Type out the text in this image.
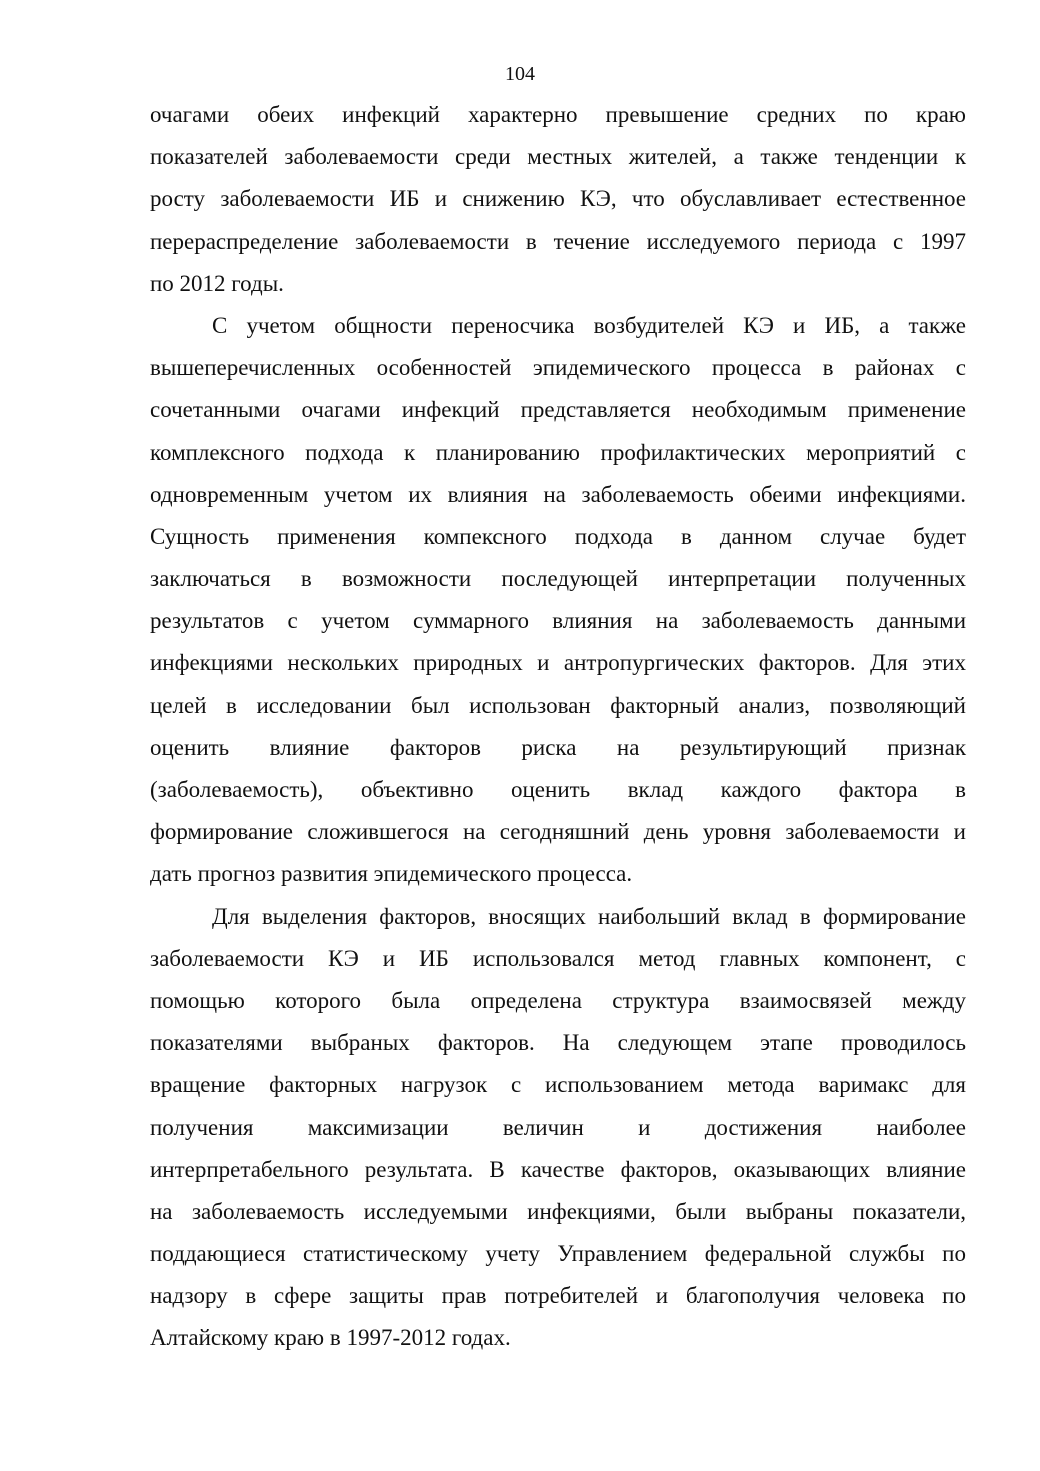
104
очагами обеих инфекций характерно превышение средних по краю
показателей заболеваемости среди местных жителей, а также тенденции к
росту заболеваемости ИБ и снижению КЭ, что обуславливает естественное
перераспределение заболеваемости в течение исследуемого периода с 1997
по 2012 годы.
С учетом общности переносчика возбудителей КЭ и ИБ, а также
вышеперечисленных особенностей эпидемического процесса в районах с
сочетанными очагами инфекций представляется необходимым применение
комплексного подхода к планированию профилактических мероприятий с
одновременным учетом их влияния на заболеваемость обеими инфекциями.
Сущность применения компексного подхода в данном случае будет
заключаться в возможности последующей интерпретации полученных
результатов с учетом суммарного влияния на заболеваемость данными
инфекциями нескольких природных и антропургических факторов. Для этих
целей в исследовании был использован факторный анализ, позволяющий
оценить влияние факторов риска на результирующий признак
(заболеваемость), объективно оценить вклад каждого фактора в
формирование сложившегося на сегодняшний день уровня заболеваемости и
дать прогноз развития эпидемического процесса.
Для выделения факторов, вносящих наибольший вклад в формирование
заболеваемости КЭ и ИБ использовался метод главных компонент, с
помощью которого была определена структура взаимосвязей между
показателями выбраных факторов. На следующем этапе проводилось
вращение факторных нагрузок с использованием метода варимакс для
получения максимизации величин и достижения наиболее
интерпретабельного результата. В качестве факторов, оказывающих влияние
на заболеваемость исследуемыми инфекциями, были выбраны показатели,
поддающиеся статистическому учету Управлением федеральной службы по
надзору в сфере защиты прав потребителей и благополучия человека по
Алтайскому краю в 1997-2012 годах.
